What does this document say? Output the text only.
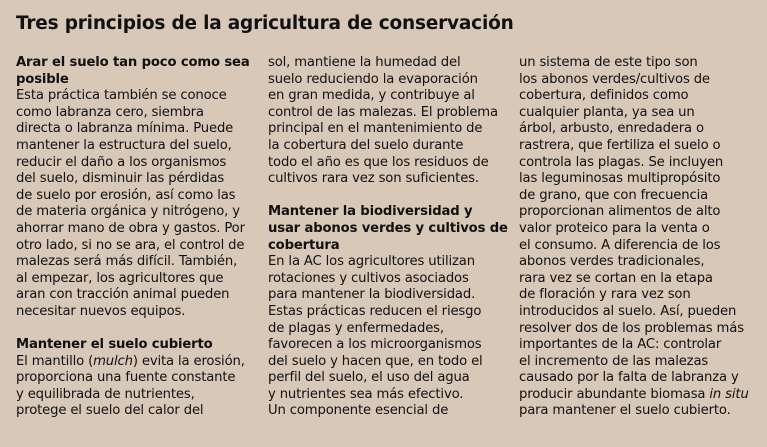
Tres principios de la agricultura de conservación
Arar el suelo tan poco como sea
posible
Esta práctica también se conoce
como labranza cero, siembra
directa o labranza mínima. Puede
mantener la estructura del suelo,
reducir el daño a los organismos
del suelo, disminuir las pérdidas
de suelo por erosión, así como las
de materia orgánica y nitrógeno, y
ahorrar mano de obra y gastos. Por
otro lado, si no se ara, el control de
malezas será más difícil. También,
al empezar, los agricultores que
aran con tracción animal pueden
necesitar nuevos equipos.
Mantener el suelo cubierto
El mantillo (mulch) evita la erosión,
proporciona una fuente constante
y equilibrada de nutrientes,
protege el suelo del calor del
sol, mantiene la humedad del
suelo reduciendo la evaporación
en gran medida, y contribuye al
control de las malezas. El problema
principal en el mantenimiento de
la cobertura del suelo durante
todo el año es que los residuos de
cultivos rara vez son suficientes.
Mantener la biodiversidad y
usar abonos verdes y cultivos de
cobertura
En la AC los agricultores utilizan
rotaciones y cultivos asociados
para mantener la biodiversidad.
Estas prácticas reducen el riesgo
de plagas y enfermedades,
favorecen a los microorganismos
del suelo y hacen que, en todo el
perfil del suelo, el uso del agua
y nutrientes sea más efectivo.
Un componente esencial de
un sistema de este tipo son
los abonos verdes/cultivos de
cobertura, definidos como
cualquier planta, ya sea un
árbol, arbusto, enredadera o
rastrera, que fertiliza el suelo o
controla las plagas. Se incluyen
las leguminosas multipropósito
de grano, que con frecuencia
proporcionan alimentos de alto
valor proteico para la venta o
el consumo. A diferencia de los
abonos verdes tradicionales,
rara vez se cortan en la etapa
de floración y rara vez son
introducidos al suelo. Así, pueden
resolver dos de los problemas más
importantes de la AC: controlar
el incremento de las malezas
causado por la falta de labranza y
producir abundante biomasa in situ
para mantener el suelo cubierto.
